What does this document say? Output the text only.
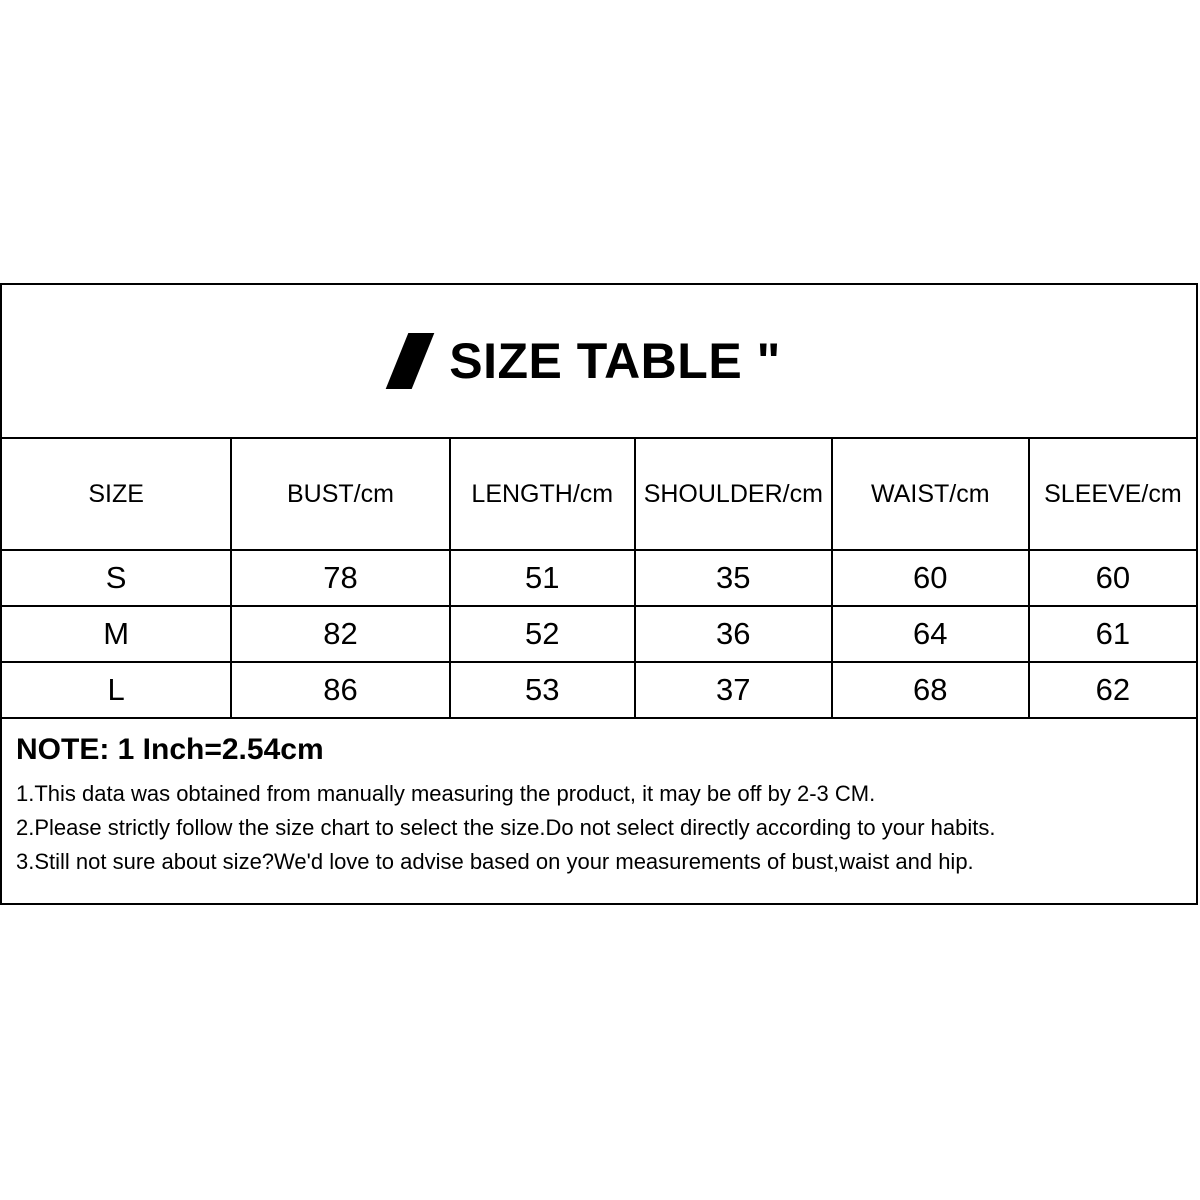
SIZE TABLE "
SIZE	BUST/cm	LENGTH/cm	SHOULDER/cm	WAIST/cm	SLEEVE/cm
S	78	51	35	60	60
M	82	52	36	64	61
L	86	53	37	68	62
NOTE: 1 Inch=2.54cm
1.This data was obtained from manually measuring the product, it may be off by 2-3 CM.
2.Please strictly follow the size chart to select the size.Do not select directly according to your habits.
3.Still not sure about size?We'd love to advise based on your measurements of bust,waist and hip.
